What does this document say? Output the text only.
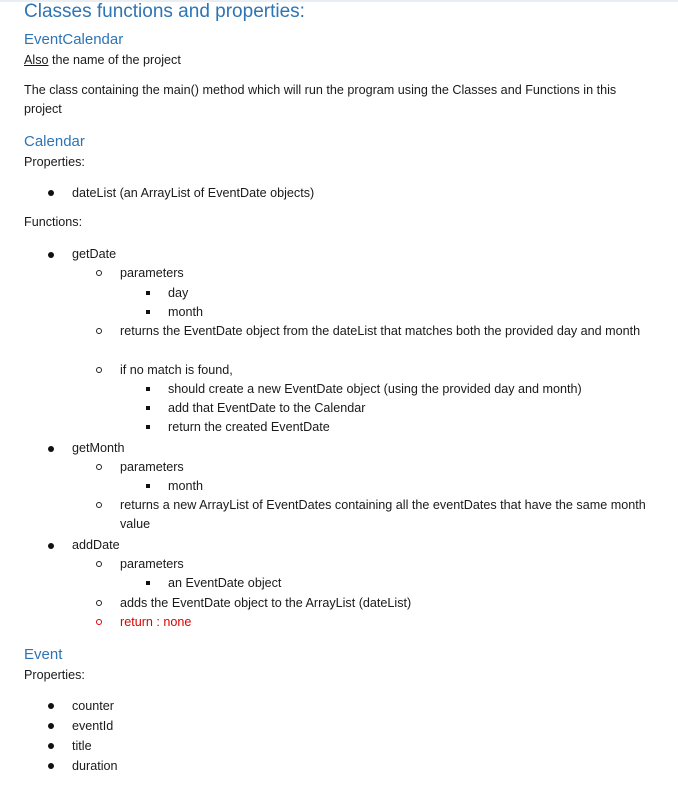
Classes functions and properties:
EventCalendar
Also the name of the project
The class containing the main() method which will run the program using the Classes and Functions in this project
Calendar
Properties:
dateList (an ArrayList of EventDate objects)
Functions:
getDate
parameters
day
month
returns the EventDate object from the dateList that matches both the provided day and month
if no match is found,
should create a new EventDate object (using the provided day and month)
add that EventDate to the Calendar
return the created EventDate
getMonth
parameters
month
returns a new ArrayList of EventDates containing all the eventDates that have the same month value
addDate
parameters
an EventDate object
adds the EventDate object to the ArrayList (dateList)
return : none
Event
Properties:
counter
eventId
title
duration
